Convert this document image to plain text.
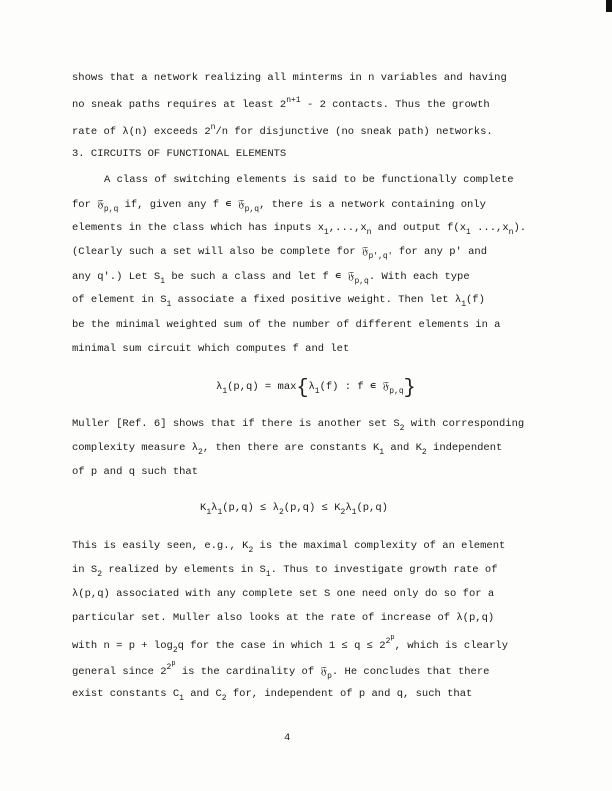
shows that a network realizing all minterms in n variables and having
no sneak paths requires at least $2^{n+1} - 2$ contacts. Thus the growth
rate of λ(n) exceeds 2$^n$/n for disjunctive (no sneak path) networks.
3. CIRCUITS OF FUNCTIONAL ELEMENTS
A class of switching elements is said to be functionally complete
for 𝔉$_{p,q}$ if, given any f ∊ 𝔉$_{p,q}$, there is a network containing only
elements in the class which has inputs $x_1,...,x_n$ and output $f(x_1$ $...,x_n$).
(Clearly such a set will also be complete for 𝔉$_{p',q'}$ for any p′ and
any q′.) Let $S_1$ be such a class and let f ∊ 𝔉$_{p,q}$. With each type
of element in $S_1$ associate a fixed positive weight. Then let $\lambda_1(f)$
be the minimal weighted sum of the number of different elements in a
minimal sum circuit which computes f and let
$\lambda_1(p,q) = \max\{\lambda_1(f)$ : f ∊ 𝔉$_{p,q}$}
Muller [Ref. 6] shows that if there is another set $S_2$ with corresponding
complexity measure $\lambda_2$, then there are constants $K_1$ and $K_2$ independent
of p and q such that
$K_1\lambda_1(p,q) \le \lambda_2(p,q) \le K_2\lambda_1(p,q)$
This is easily seen, e.g., $K_2$ is the maximal complexity of an element
in $S_2$ realized by elements in $S_1$. Thus to investigate growth rate of
λ(p,q) associated with any complete set S one need only do so for a
particular set. Muller also looks at the rate of increase of λ(p,q)
with $n = p + \log_2q$ for the case in which $1 \le q \le 2^{2^p}$, which is clearly
general since $2^{2^p}$ is the cardinality of 𝔉$_p$. He concludes that there
exist constants $C_1$ and $C_2$ for, independent of p and q, such that
4
